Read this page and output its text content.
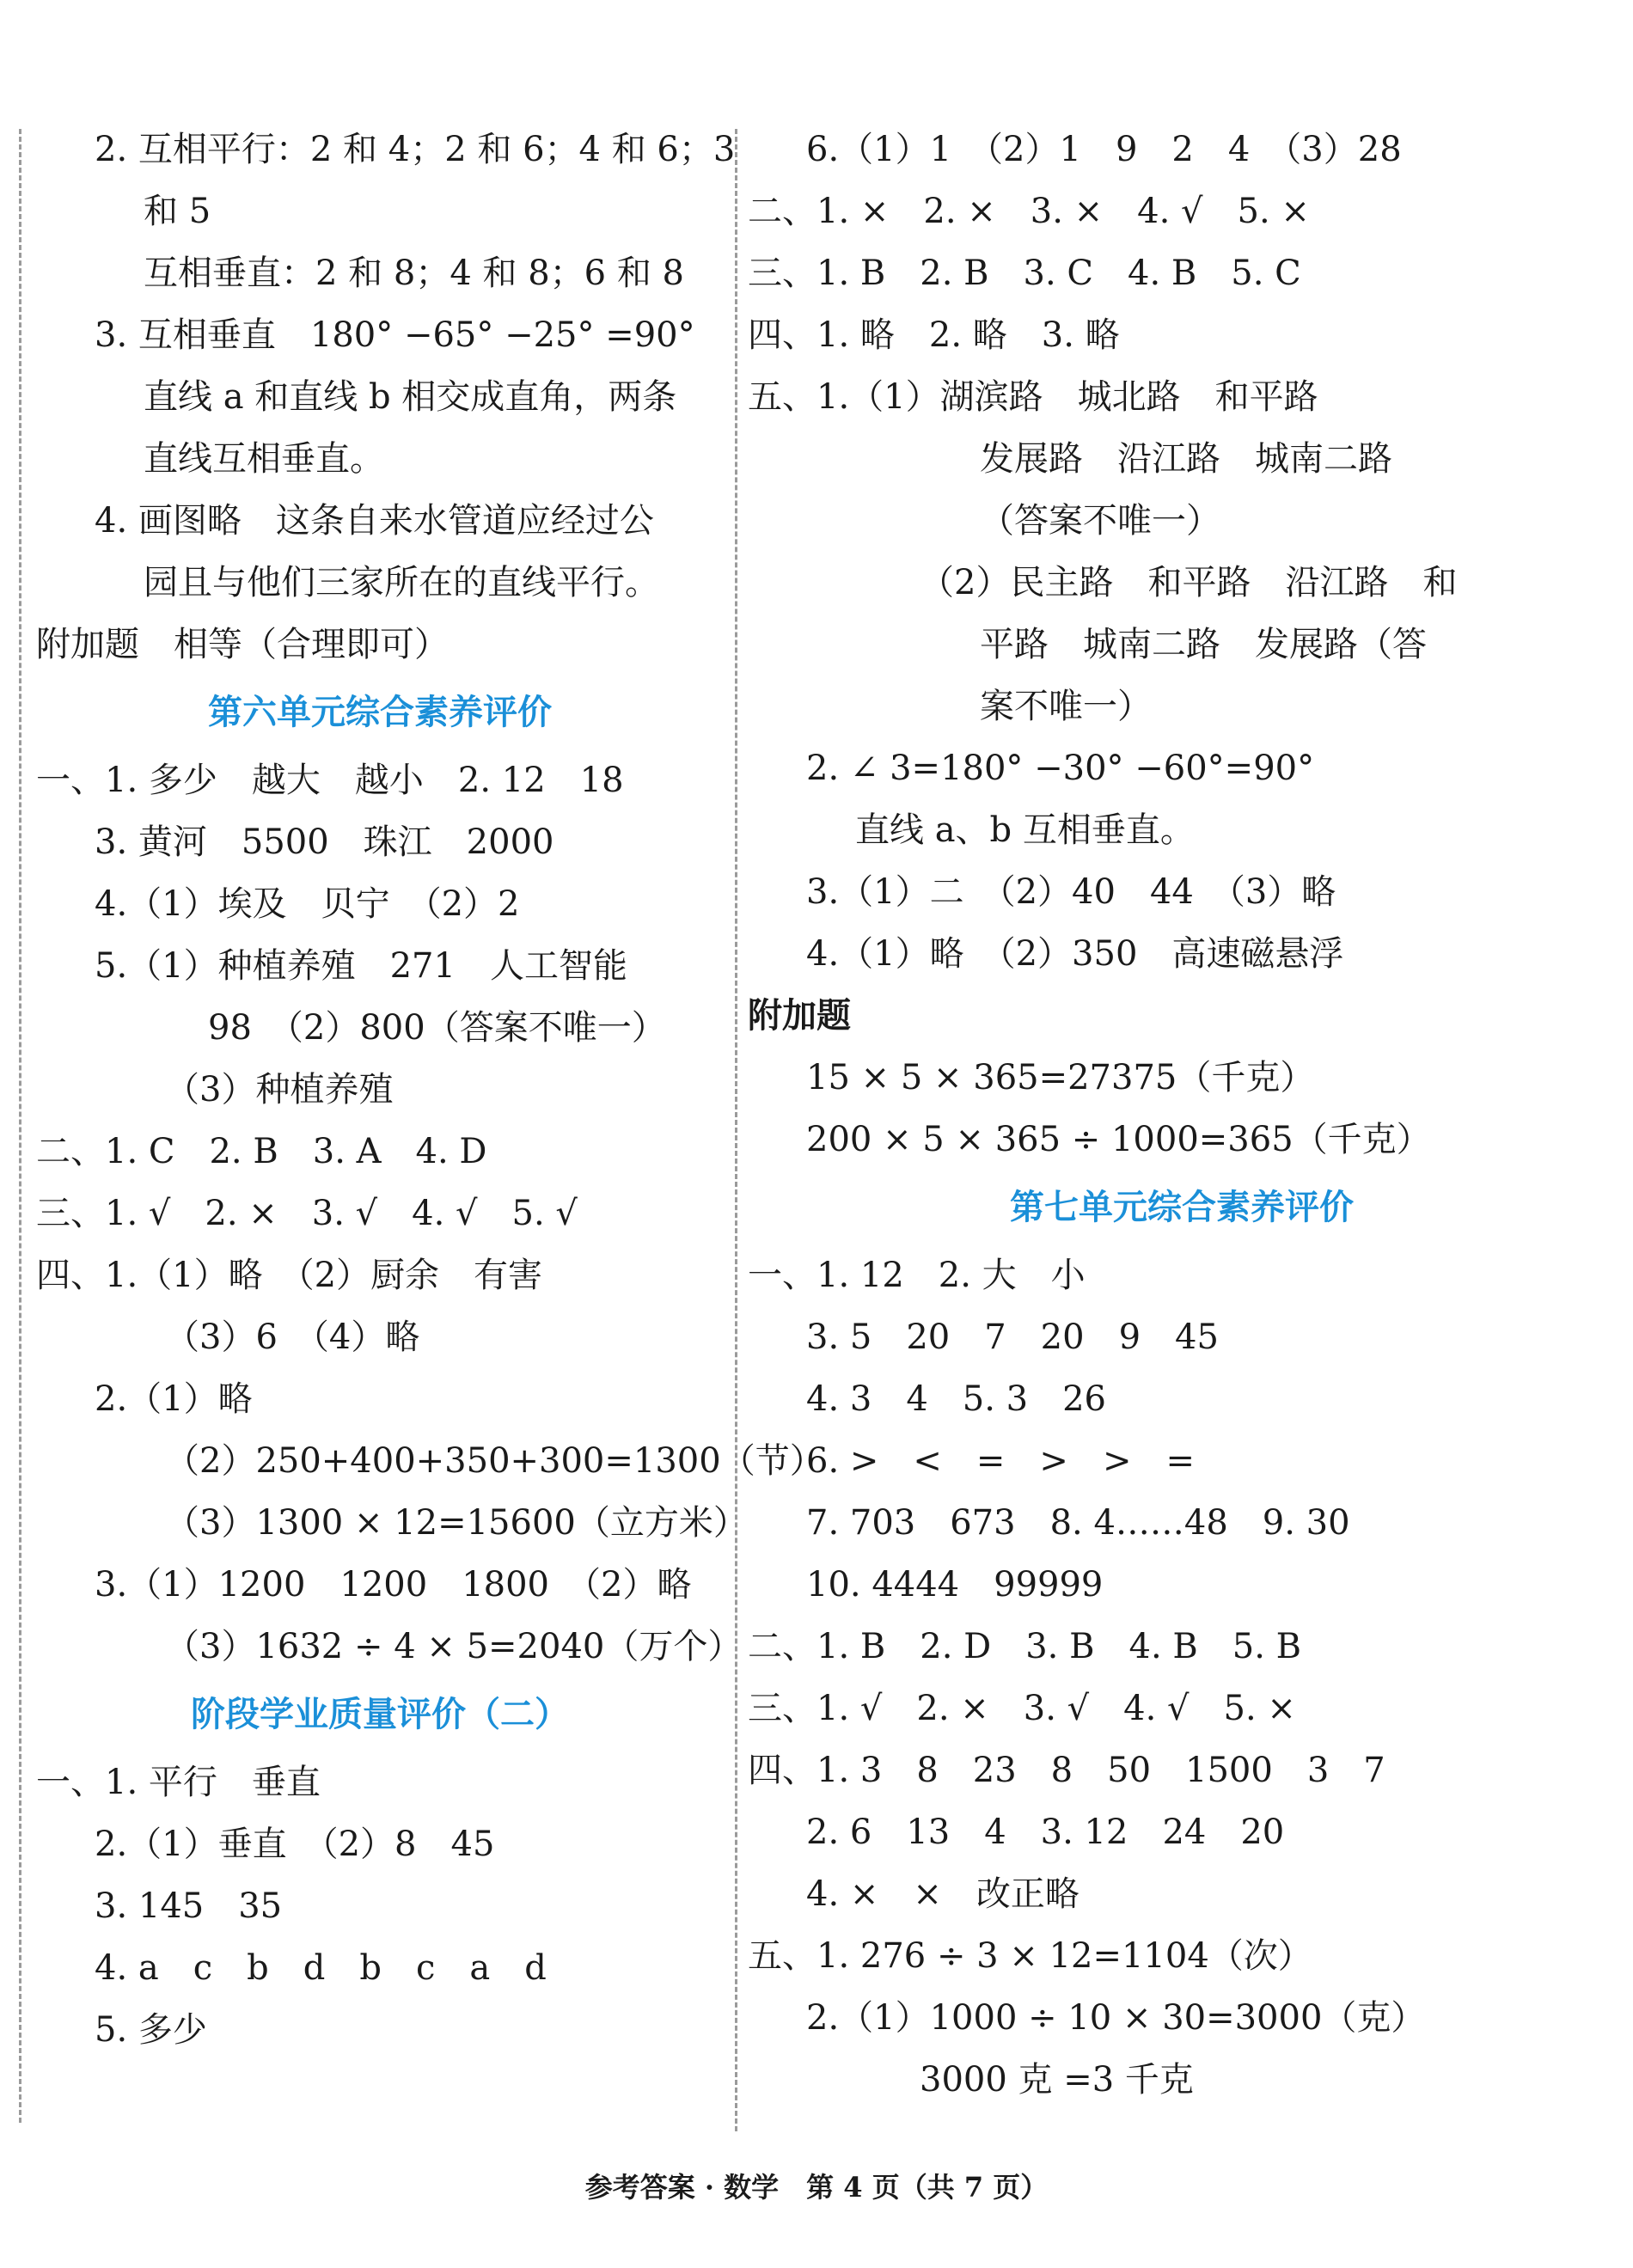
2. 互相平行：2 和 4；2 和 6；4 和 6；3
和 5
互相垂直：2 和 8；4 和 8；6 和 8
3. 互相垂直　180° −65° −25° =90°
直线 a 和直线 b 相交成直角，两条
直线互相垂直。
4. 画图略　这条自来水管道应经过公
园且与他们三家所在的直线平行。
附加题　相等（合理即可）
第六单元综合素养评价
一、1. 多少　越大　越小　2. 12　18
3. 黄河　5500　珠江　2000
4.（1）埃及　贝宁　（2）2
5.（1）种植养殖　271　人工智能
98　（2）800（答案不唯一）
（3）种植养殖
二、1. C　2. B　3. A　4. D
三、1. √　2. ×　3. √　4. √　5. √
四、1.（1）略　（2）厨余　有害
（3）6　（4）略
2.（1）略
（2）250+400+350+300=1300（节）
（3）1300 × 12=15600（立方米）
3.（1）1200　1200　1800　（2）略
（3）1632 ÷ 4 × 5=2040（万个）
阶段学业质量评价（二）
一、1. 平行　垂直
2.（1）垂直　（2）8　45
3. 145　35
4. a　c　b　d　b　c　a　d
5. 多少
6.（1）1　（2）1　9　2　4　（3）28
二、1. ×　2. ×　3. ×　4. √　5. ×
三、1. B　2. B　3. C　4. B　5. C
四、1. 略　2. 略　3. 略
五、1.（1）湖滨路　城北路　和平路
发展路　沿江路　城南二路
（答案不唯一）
（2）民主路　和平路　沿江路　和
平路　城南二路　发展路（答
案不唯一）
2. ∠ 3=180° −30° −60°=90°
直线 a、b 互相垂直。
3.（1）二　（2）40　44　（3）略
4.（1）略　（2）350　高速磁悬浮
附加题
15 × 5 × 365=27375（千克）
200 × 5 × 365 ÷ 1000=365（千克）
第七单元综合素养评价
一、1. 12　2. 大　小
3. 5　20　7　20　9　45
4. 3　4　5. 3　26
6. >　<　=　>　>　=
7. 703　673　8. 4……48　9. 30
10. 4444　99999
二、1. B　2. D　3. B　4. B　5. B
三、1. √　2. ×　3. √　4. √　5. ×
四、1. 3　8　23　8　50　1500　3　7
2. 6　13　4　3. 12　24　20
4. ×　×　改正略
五、1. 276 ÷ 3 × 12=1104（次）
2.（1）1000 ÷ 10 × 30=3000（克）
3000 克 =3 千克
参考答案 · 数学　第 4 页（共 7 页）
